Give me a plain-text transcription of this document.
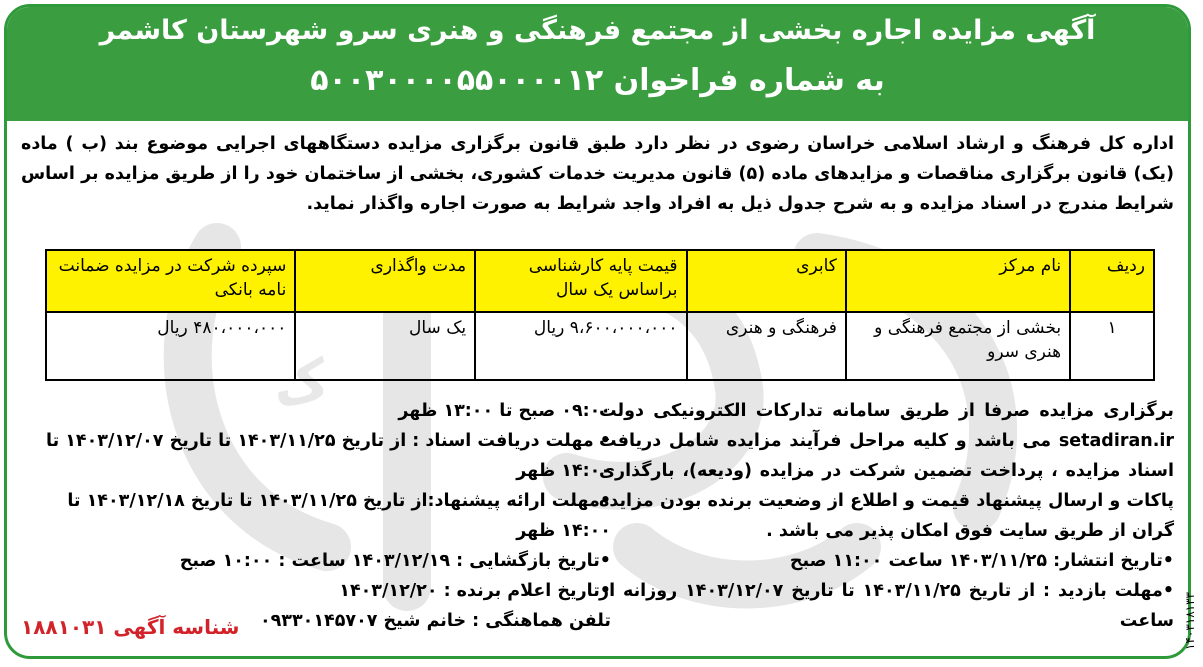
آگهی مزایده اجاره بخشی از مجتمع فرهنگی و هنری سرو شهرستان کاشمر
به شماره فراخوان ۵۰۰۳۰۰۰۰۵۵۰۰۰۰۱۲
ک
اداره کل فرهنگ و ارشاد اسلامی خراسان رضوی در نظر دارد طبق قانون برگزاری مزایده دستگاههای اجرایی موضوع بند (ب ) ماده (یک) قانون برگزاری مناقصات و مزایدهای ماده (۵) قانون مدیریت خدمات کشوری، بخشی از ساختمان خود را از طریق مزایده بر اساس شرایط مندرج در اسناد مزایده و به شرح جدول ذیل به افراد واجد شرایط به صورت اجاره واگذار نماید.
ردیف	نام مرکز	کابری	قیمت پایه کارشناسی براساس یک سال	مدت واگذاری	سپرده شرکت در مزایده ضمانت نامه بانکی
۱	بخشی از مجتمع فرهنگی و هنری سرو	فرهنگی و هنری	۹،۶۰۰،۰۰۰،۰۰۰ ریال	یک سال	۴۸۰،۰۰۰،۰۰۰ ریال
برگزاری مزایده صرفا از طریق سامانه تدارکات الکترونیکی دولت setadiran.ir می باشد و کلیه مراحل فرآیند مزایده شامل دریافت اسناد مزایده ، پرداخت تضمین شرکت در مزایده (ودیعه)، بارگذاری پاکات و ارسال پیشنهاد قیمت و اطلاع از وضعیت برنده بودن مزایده گران از طریق سایت فوق امکان پذیر می باشد .
•تاریخ انتشار: ۱۴۰۳/۱۱/۲۵ ساعت ۱۱:۰۰ صبح
•مهلت بازدید : از تاریخ ۱۴۰۳/۱۱/۲۵ تا تاریخ ۱۴۰۳/۱۲/۰۷ روزانه از ساعت
۰۹:۰۰ صبح تا ۱۳:۰۰ ظهر
• مهلت دریافت اسناد : از تاریخ ۱۴۰۳/۱۱/۲۵ تا تاریخ ۱۴۰۳/۱۲/۰۷ تا ۱۴:۰۰ ظهر
•مهلت ارائه پیشنهاد:از تاریخ ۱۴۰۳/۱۱/۲۵ تا تاریخ ۱۴۰۳/۱۲/۱۸ تا ۱۴:۰۰ ظهر
•تاریخ بازگشایی : ۱۴۰۳/۱۲/۱۹ ساعت : ۱۰:۰۰ صبح
•تاریخ اعلام برنده : ۱۴۰۳/۱۲/۲۰
تلفن هماهنگی : خانم شیخ ۰۹۳۳۰۱۴۵۷۰۷
شناسه آگهی ۱۸۸۱۰۳۱	۱۴۰۳۱۸۱۳۳
